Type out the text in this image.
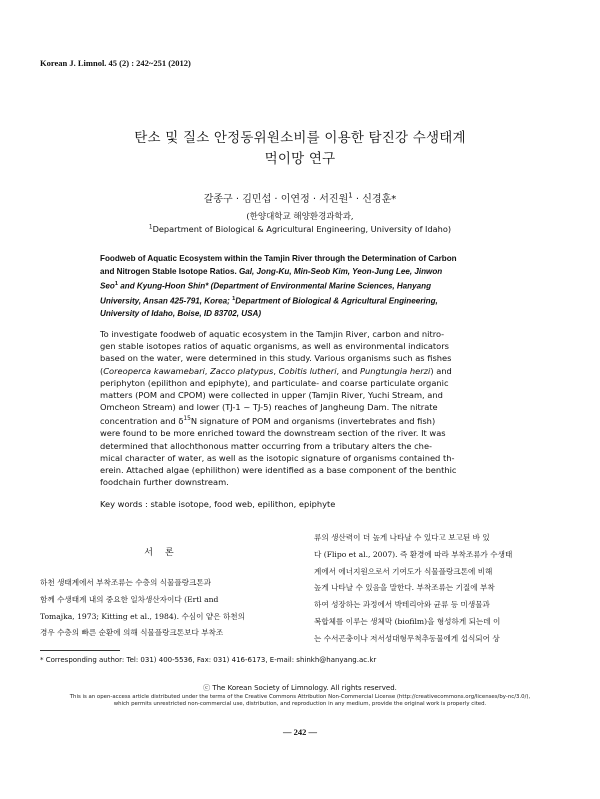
Korean J. Limnol. 45 (2) : 242~251 (2012)
탄소 및 질소 안정동위원소비를 이용한 탐진강 수생태계
먹이망 연구
갈종구 · 김민섭 · 이연정 · 서진원$^1$ · 신경훈*
(한양대학교 해양환경과학과,
$^1$Department of Biological & Agricultural Engineering, University of Idaho)
Foodweb of Aquatic Ecosystem within the Tamjin River through the Determination of Carbon
and Nitrogen Stable Isotope Ratios. Gal, Jong-Ku, Min-Seob Kim, Yeon-Jung Lee, Jinwon
Seo$^1$ and Kyung-Hoon Shin* (Department of Environmental Marine Sciences, Hanyang
University, Ansan 425-791, Korea; $^1$Department of Biological & Agricultural Engineering,
University of Idaho, Boise, ID 83702, USA)
To investigate foodweb of aquatic ecosystem in the Tamjin River, carbon and nitro-
gen stable isotopes ratios of aquatic organisms, as well as environmental indicators
based on the water, were determined in this study. Various organisms such as fishes
(Coreoperca kawamebari, Zacco platypus, Cobitis lutheri, and Pungtungia herzi) and
periphyton (epilithon and epiphyte), and particulate- and coarse particulate organic
matters (POM and CPOM) were collected in upper (Tamjin River, Yuchi Stream, and
Omcheon Stream) and lower (TJ-1 ~ TJ-5) reaches of Jangheung Dam. The nitrate
concentration and $\delta^{15}N$ signature of POM and organisms (invertebrates and fish)
were found to be more enriched toward the downstream section of the river. It was
determined that allochthonous matter occurring from a tributary alters the che-
mical character of water, as well as the isotopic signature of organisms contained th-
erein. Attached algae (ephilithon) were identified as a base component of the benthic
foodchain further downstream.
Key words : stable isotope, food web, epilithon, epiphyte
서론
하천 생태계에서 부착조류는 수층의 식물플랑크톤과
함께 수생태계 내의 중요한 일차생산자이다 (Ertl and
Tomajka, 1973; Kitting et al., 1984). 수심이 얕은 하천의
경우 수층의 빠른 순환에 의해 식물플랑크톤보다 부착조
류의 생산력이 더 높게 나타날 수 있다고 보고된 바 있
다 (Flipo et al., 2007). 즉 환경에 따라 부착조류가 수생태
계에서 에너지원으로서 기여도가 식물플랑크톤에 비해
높게 나타날 수 있음을 말한다. 부착조류는 기질에 부착
하여 성장하는 과정에서 박테리아와 균류 등 미생물과
복합체를 이루는 생체막 (biofilm)을 형성하게 되는데 이
는 수서곤충이나 저서성대형무척추동물에게 섭식되어 상
* Corresponding author: Tel: 031) 400-5536, Fax: 031) 416-6173, E-mail: shinkh@hanyang.ac.kr
ⓒ The Korean Society of Limnology. All rights reserved.
This is an open-access article distributed under the terms of the Creative Commons Attribution Non-Commercial License (http://creativecommons.org/licenses/by-nc/3.0/),
which permits unrestricted non-commercial use, distribution, and reproduction in any medium, provide the original work is properly cited.
— 242 —
